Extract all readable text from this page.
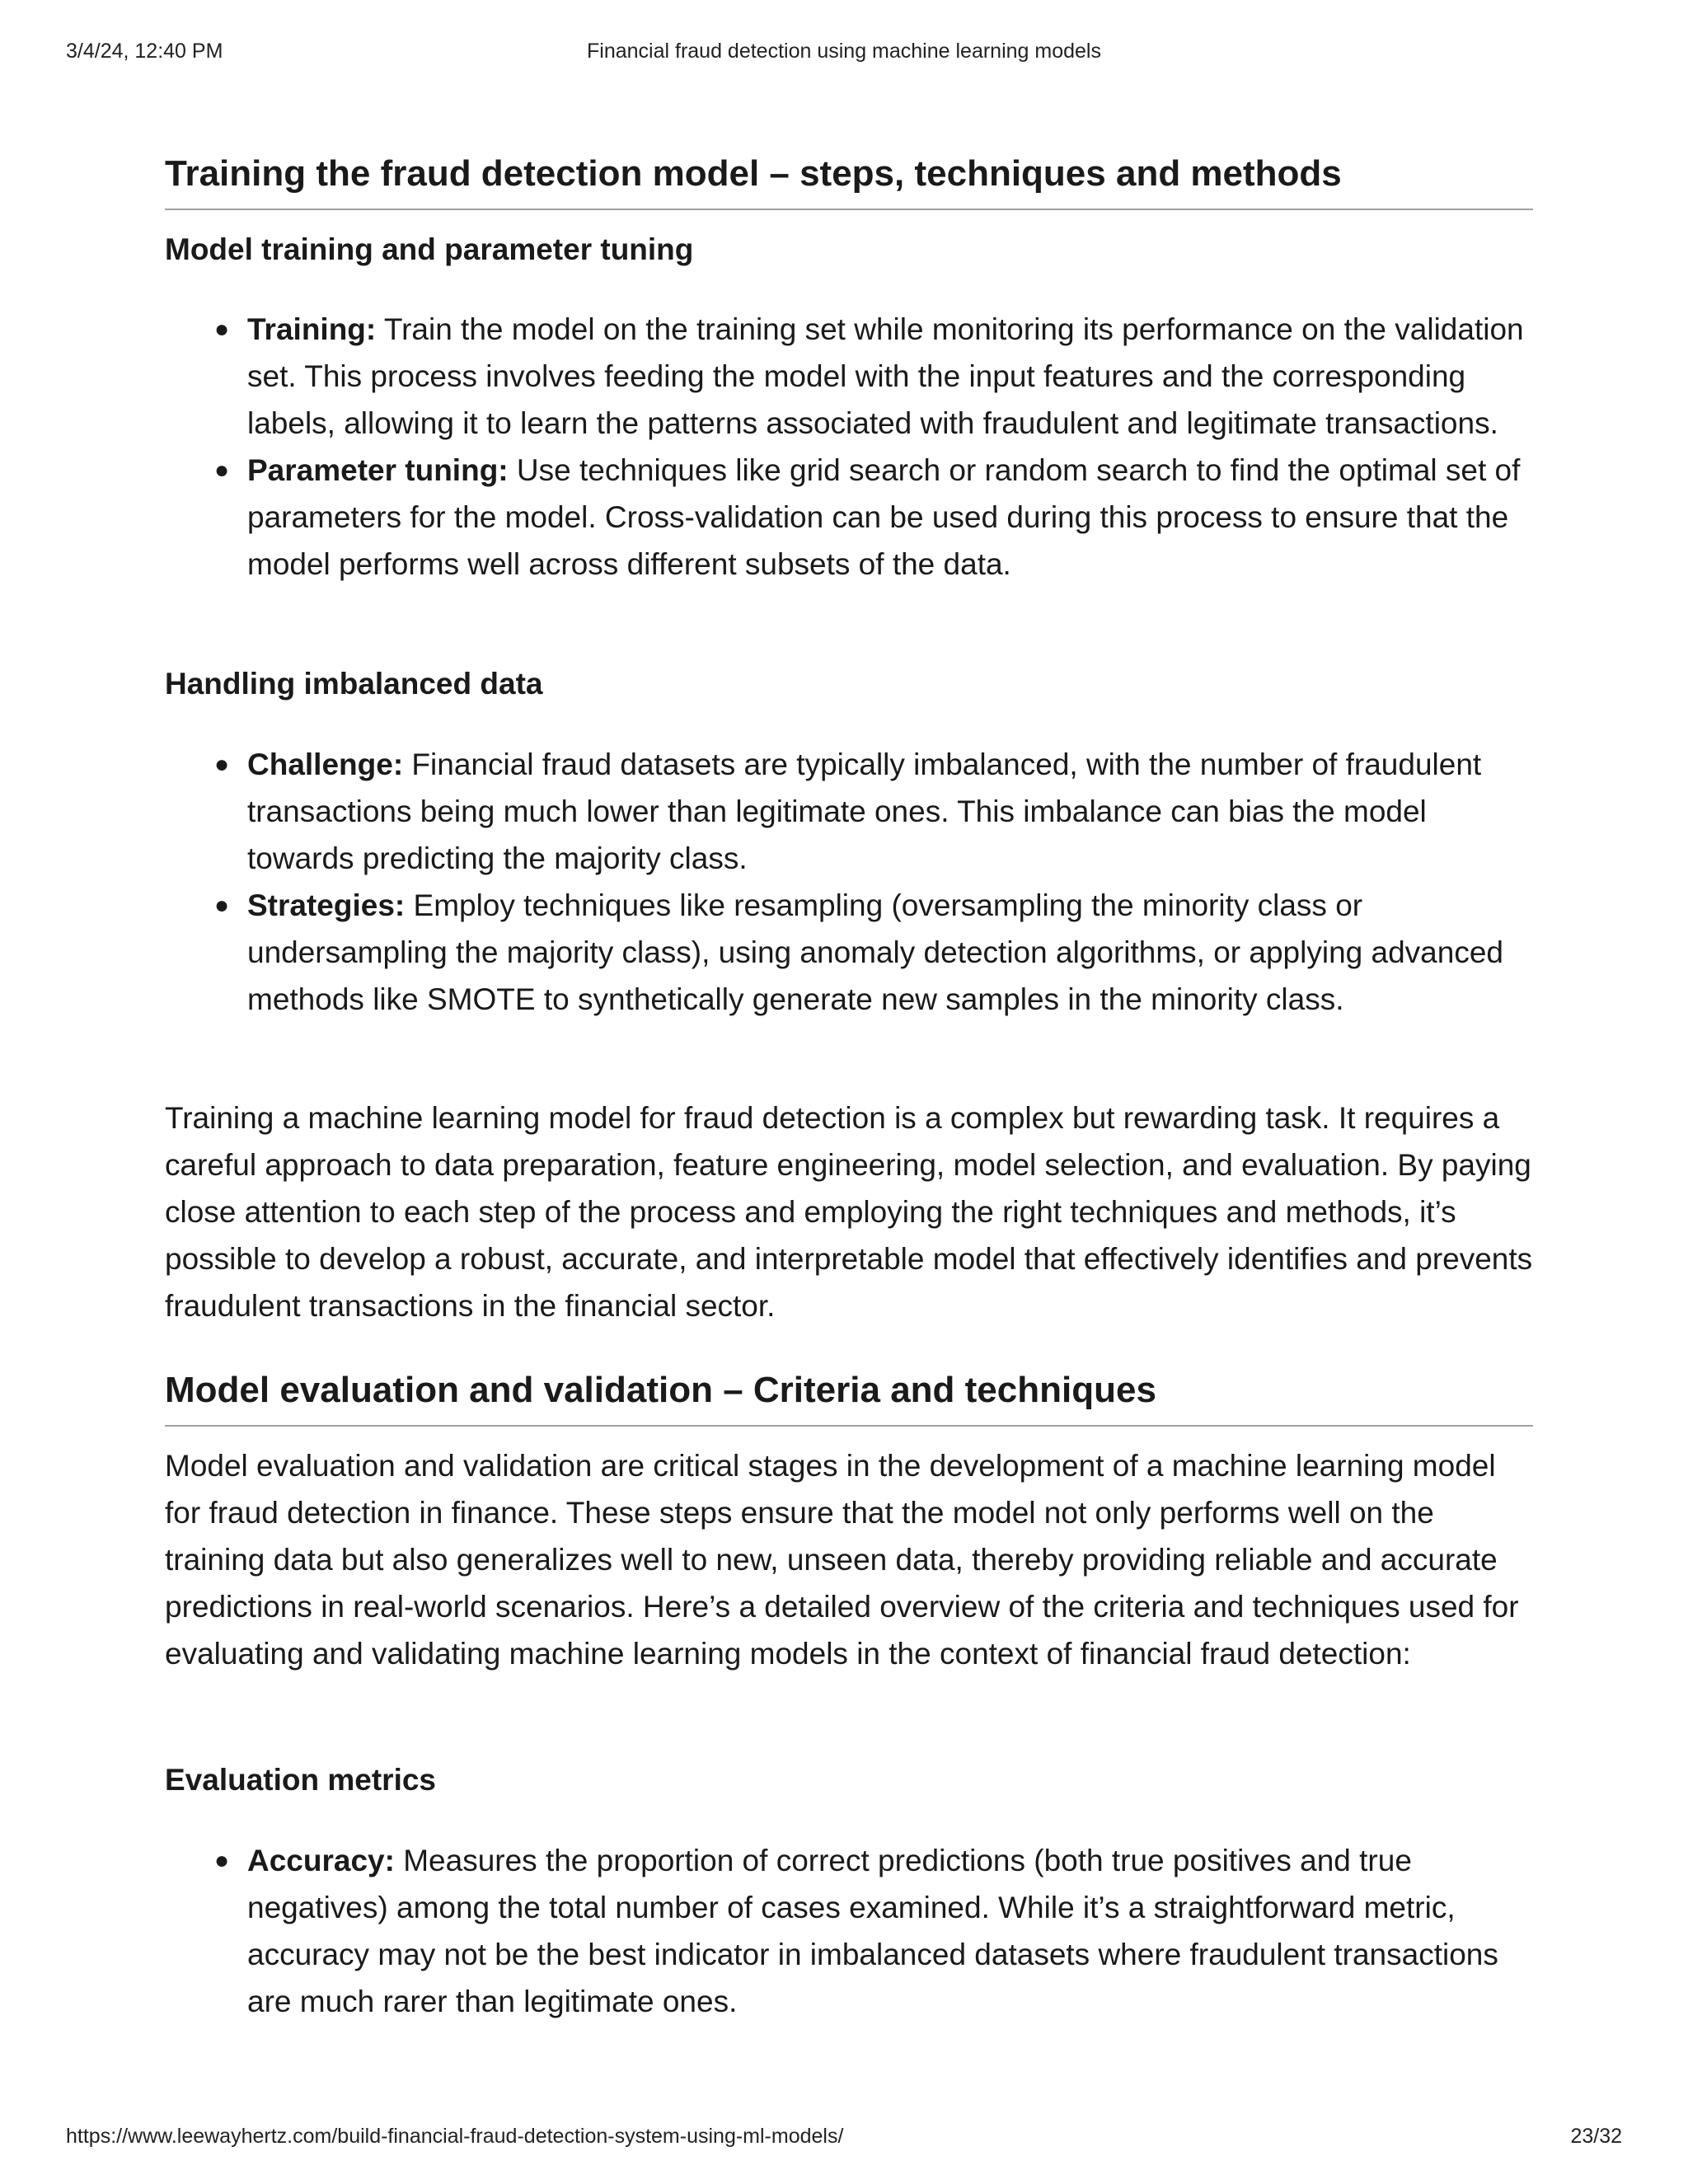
3/4/24, 12:40 PM	Financial fraud detection using machine learning models
Training the fraud detection model – steps, techniques and methods
Model training and parameter tuning
● Training: Train the model on the training set while monitoring its performance on the validation set. This process involves feeding the model with the input features and the corresponding labels, allowing it to learn the patterns associated with fraudulent and legitimate transactions.
● Parameter tuning: Use techniques like grid search or random search to find the optimal set of parameters for the model. Cross-validation can be used during this process to ensure that the model performs well across different subsets of the data.
Handling imbalanced data
● Challenge: Financial fraud datasets are typically imbalanced, with the number of fraudulent transactions being much lower than legitimate ones. This imbalance can bias the model towards predicting the majority class.
● Strategies: Employ techniques like resampling (oversampling the minority class or undersampling the majority class), using anomaly detection algorithms, or applying advanced methods like SMOTE to synthetically generate new samples in the minority class.

Training a machine learning model for fraud detection is a complex but rewarding task. It requires a careful approach to data preparation, feature engineering, model selection, and evaluation. By paying close attention to each step of the process and employing the right techniques and methods, it’s possible to develop a robust, accurate, and interpretable model that effectively identifies and prevents fraudulent transactions in the financial sector.

Model evaluation and validation – Criteria and techniques

Model evaluation and validation are critical stages in the development of a machine learning model for fraud detection in finance. These steps ensure that the model not only performs well on the training data but also generalizes well to new, unseen data, thereby providing reliable and accurate predictions in real-world scenarios. Here’s a detailed overview of the criteria and techniques used for evaluating and validating machine learning models in the context of financial fraud detection:

Evaluation metrics
● Accuracy: Measures the proportion of correct predictions (both true positives and true negatives) among the total number of cases examined. While it’s a straightforward metric, accuracy may not be the best indicator in imbalanced datasets where fraudulent transactions are much rarer than legitimate ones.
https://www.leewayhertz.com/build-financial-fraud-detection-system-using-ml-models/	23/32
